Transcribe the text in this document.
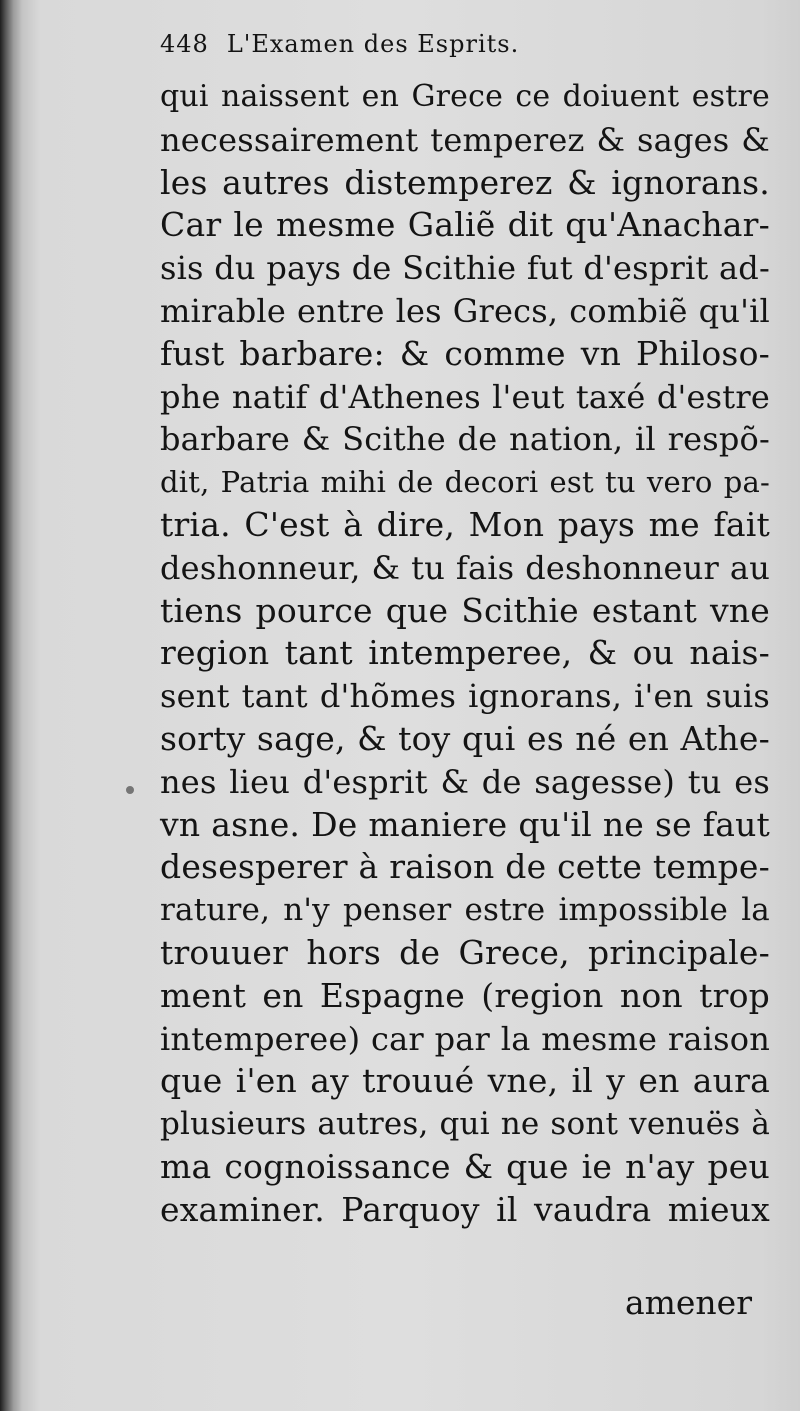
448 L'Examen des Esprits.
qui naissent en Grece ce doiuent estre
necessairement temperez & sages &
les autres distemperez & ignorans.
Car le mesme Galiẽ dit qu'Anachar-
sis du pays de Scithie fut d'esprit ad-
mirable entre les Grecs, combiẽ qu'il
fust barbare: & comme vn Philoso-
phe natif d'Athenes l'eut taxé d'estre
barbare & Scithe de nation, il respõ-
dit, Patria mihi de decori est tu vero pa-
tria. C'est à dire, Mon pays me fait
deshonneur, & tu fais deshonneur au
tiens pource que Scithie estant vne
region tant intemperee, & ou nais-
sent tant d'hõmes ignorans, i'en suis
sorty sage, & toy qui es né en Athe-
nes lieu d'esprit & de sagesse) tu es
vn asne. De maniere qu'il ne se faut
desesperer à raison de cette tempe-
rature, n'y penser estre impossible la
trouuer hors de Grece, principale-
ment en Espagne (region non trop
intemperee) car par la mesme raison
que i'en ay trouué vne, il y en aura
plusieurs autres, qui ne sont venuës à
ma cognoissance & que ie n'ay peu
examiner. Parquoy il vaudra mieux
amener
